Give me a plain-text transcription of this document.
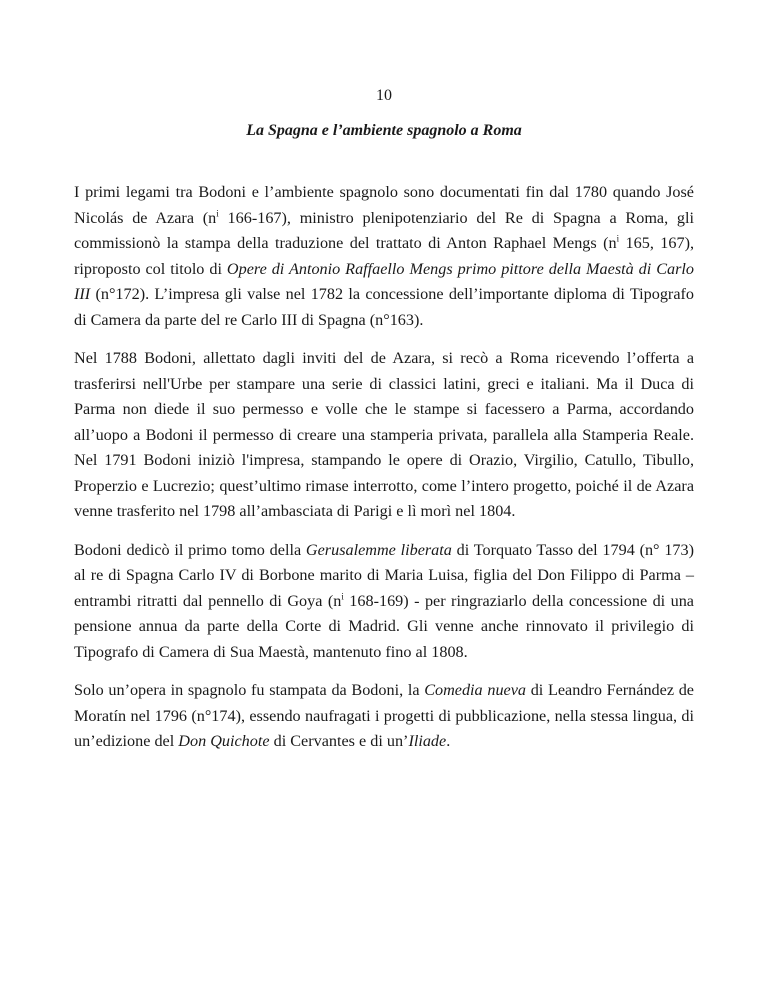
10
La Spagna e l’ambiente spagnolo a Roma

I primi legami tra Bodoni e l’ambiente spagnolo sono documentati fin dal 1780 quando José Nicolás de Azara ($n^i$ 166-167), ministro plenipotenziario del Re di Spagna a Roma, gli commissionò la stampa della traduzione del trattato di Anton Raphael Mengs ($n^i$ 165, 167), riproposto col titolo di Opere di Antonio Raffaello Mengs primo pittore della Maestà di Carlo III (n°172). L’impresa gli valse nel 1782 la concessione dell’importante diploma di Tipografo di Camera da parte del re Carlo III di Spagna (n°163).

Nel 1788 Bodoni, allettato dagli inviti del de Azara, si recò a Roma ricevendo l’offerta a trasferirsi nell'Urbe per stampare una serie di classici latini, greci e italiani. Ma il Duca di Parma non diede il suo permesso e volle che le stampe si facessero a Parma, accordando all’uopo a Bodoni il permesso di creare una stamperia privata, parallela alla Stamperia Reale. Nel 1791 Bodoni iniziò l'impresa, stampando le opere di Orazio, Virgilio, Catullo, Tibullo, Properzio e Lucrezio; quest’ultimo rimase interrotto, come l’intero progetto, poiché il de Azara venne trasferito nel 1798 all’ambasciata di Parigi e lì morì nel 1804.

Bodoni dedicò il primo tomo della Gerusalemme liberata di Torquato Tasso del 1794 (n° 173) al re di Spagna Carlo IV di Borbone marito di Maria Luisa, figlia del Don Filippo di Parma – entrambi ritratti dal pennello di Goya ($n^i$ 168-169) - per ringraziarlo della concessione di una pensione annua da parte della Corte di Madrid. Gli venne anche rinnovato il privilegio di Tipografo di Camera di Sua Maestà, mantenuto fino al 1808.

Solo un’opera in spagnolo fu stampata da Bodoni, la Comedia nueva di Leandro Fernández de Moratín nel 1796 (n°174), essendo naufragati i progetti di pubblicazione, nella stessa lingua, di un’edizione del Don Quichote di Cervantes e di un’Iliade.
